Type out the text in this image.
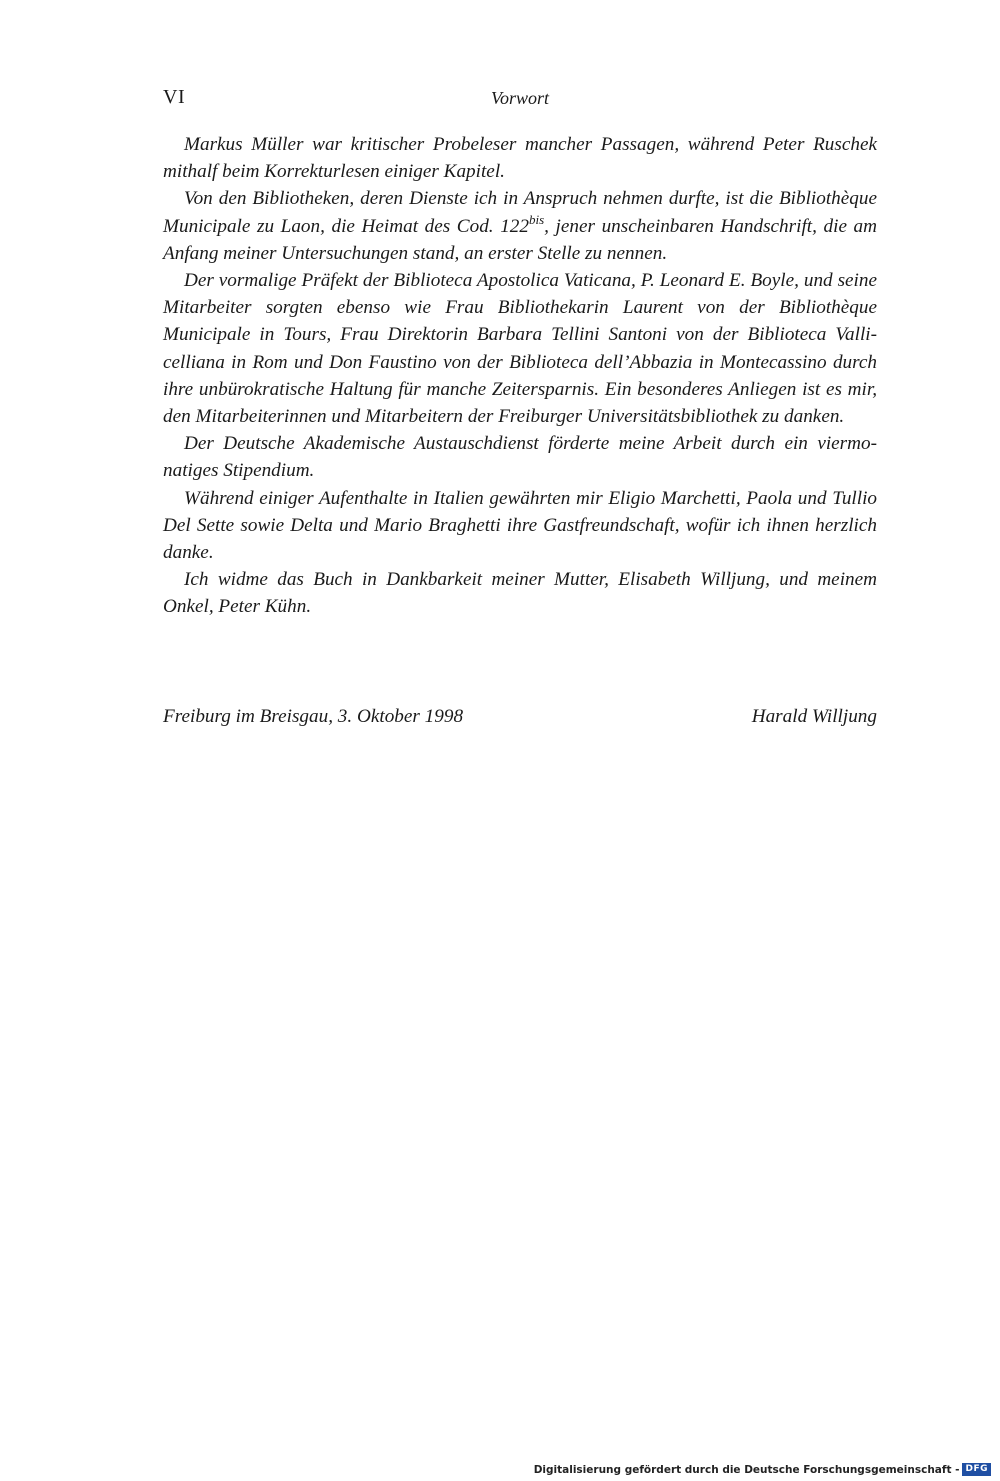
VI	Vorwort

Markus Müller war kritischer Probeleser mancher Passagen, während Peter Ruschek mithalf beim Korrekturlesen einiger Kapitel.

Von den Bibliotheken, deren Dienste ich in Anspruch nehmen durfte, ist die Bibliothèque Municipale zu Laon, die Heimat des Cod. $122^{bis}$, jener unscheinbaren Handschrift, die am Anfang meiner Untersuchungen stand, an erster Stelle zu nennen.

Der vormalige Präfekt der Biblioteca Apostolica Vaticana, P. Leonard E. Boyle, und seine Mitarbeiter sorgten ebenso wie Frau Bibliothekarin Laurent von der Bibliothèque Municipale in Tours, Frau Direktorin Barbara Tellini Santoni von der Biblioteca Vallicelliana in Rom und Don Faustino von der Biblioteca dell’Abbazia in Montecassino durch ihre unbürokratische Haltung für manche Zeitersparnis. Ein besonderes Anliegen ist es mir, den Mitarbeiterinnen und Mitarbeitern der Freiburger Universitätsbibliothek zu danken.

Der Deutsche Akademische Austauschdienst förderte meine Arbeit durch ein viermonatiges Stipendium.

Während einiger Aufenthalte in Italien gewährten mir Eligio Marchetti, Paola und Tullio Del Sette sowie Delta und Mario Braghetti ihre Gastfreundschaft, wofür ich ihnen herzlich danke.

Ich widme das Buch in Dankbarkeit meiner Mutter, Elisabeth Willjung, und meinem Onkel, Peter Kühn.

Freiburg im Breisgau, 3. Oktober 1998	Harald Willjung
Digitalisierung gefördert durch die Deutsche Forschungsgemeinschaft - DFG
